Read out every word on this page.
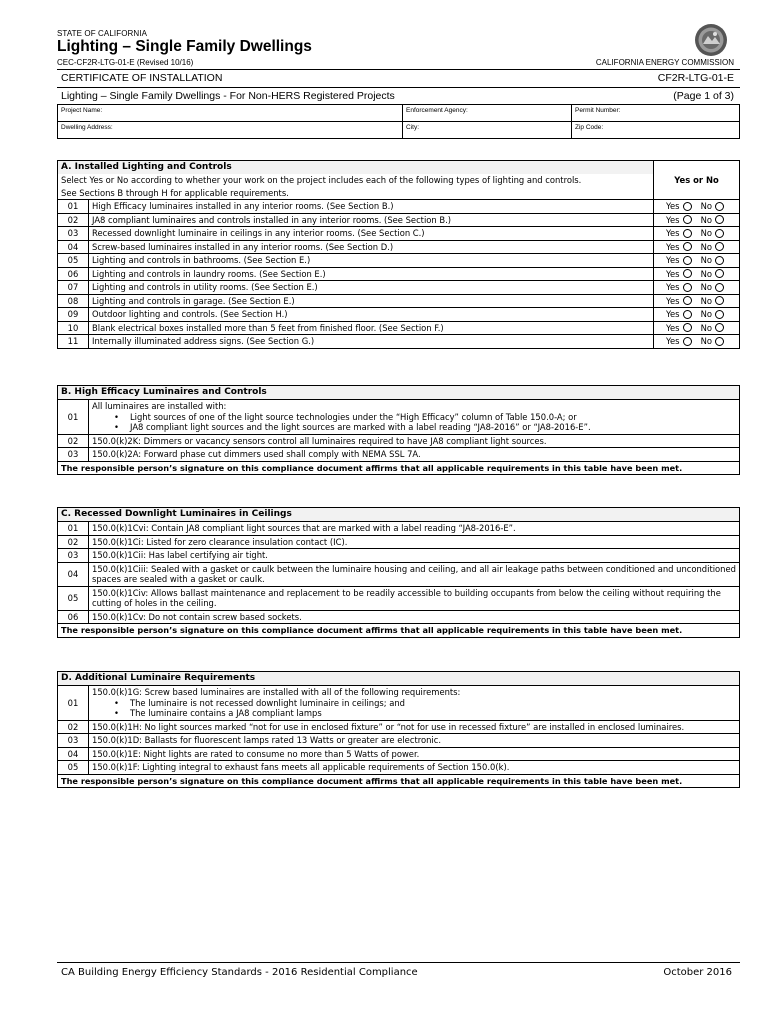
STATE OF CALIFORNIA
Lighting – Single Family Dwellings
CEC-CF2R-LTG-01-E (Revised 10/16)	CALIFORNIA ENERGY COMMISSION
CERTIFICATE OF INSTALLATION	CF2R-LTG-01-E
Lighting – Single Family Dwellings - For Non-HERS Registered Projects	(Page 1 of 3)
Project Name:	Enforcement Agency:	Permit Number:
Dwelling Address:	City:	Zip Code:
A. Installed Lighting and Controls		Yes or No
Select Yes or No according to whether your work on the project includes each of the following types of lighting and controls.		
See Sections B through H for applicable requirements.		
01	High Efficacy luminaires installed in any interior rooms. (See Section B.)	Yes No
02	JA8 compliant luminaires and controls installed in any interior rooms. (See Section B.)	Yes No
03	Recessed downlight luminaire in ceilings in any interior rooms. (See Section C.)	Yes No
04	Screw-based luminaires installed in any interior rooms. (See Section D.)	Yes No
05	Lighting and controls in bathrooms. (See Section E.)	Yes No
06	Lighting and controls in laundry rooms. (See Section E.)	Yes No
07	Lighting and controls in utility rooms. (See Section E.)	Yes No
08	Lighting and controls in garage. (See Section E.)	Yes No
09	Outdoor lighting and controls. (See Section H.)	Yes No
10	Blank electrical boxes installed more than 5 feet from finished floor. (See Section F.)	Yes No
11	Internally illuminated address signs. (See Section G.)	Yes No
B. High Efficacy Luminaires and Controls	
01	All luminaires are installed with:
• Light sources of one of the light source technologies under the “High Efficacy” column of Table 150.0-A; or
• JA8 compliant light sources and the light sources are marked with a label reading “JA8-2016” or “JA8-2016-E”.

02	150.0(k)2K: Dimmers or vacancy sensors control all luminaires required to have JA8 compliant light sources.
03	150.0(k)2A: Forward phase cut dimmers used shall comply with NEMA SSL 7A.
The responsible person’s signature on this compliance document affirms that all applicable requirements in this table have been met.	
C. Recessed Downlight Luminaires in Ceilings	
01	150.0(k)1Cvi: Contain JA8 compliant light sources that are marked with a label reading “JA8-2016-E”.
02	150.0(k)1Ci: Listed for zero clearance insulation contact (IC).
03	150.0(k)1Cii: Has label certifying air tight.
04	150.0(k)1Ciii: Sealed with a gasket or caulk between the luminaire housing and ceiling, and all air leakage paths between conditioned and unconditioned spaces are sealed with a gasket or caulk.
05	150.0(k)1Civ: Allows ballast maintenance and replacement to be readily accessible to building occupants from below the ceiling without requiring the cutting of holes in the ceiling.
06	150.0(k)1Cv: Do not contain screw based sockets.
The responsible person’s signature on this compliance document affirms that all applicable requirements in this table have been met.	
D. Additional Luminaire Requirements	
01	150.0(k)1G: Screw based luminaires are installed with all of the following requirements:
• The luminaire is not recessed downlight luminaire in ceilings; and
• The luminaire contains a JA8 compliant lamps

02	150.0(k)1H: No light sources marked “not for use in enclosed fixture” or “not for use in recessed fixture” are installed in enclosed luminaires.
03	150.0(k)1D: Ballasts for fluorescent lamps rated 13 Watts or greater are electronic.
04	150.0(k)1E: Night lights are rated to consume no more than 5 Watts of power.
05	150.0(k)1F: Lighting integral to exhaust fans meets all applicable requirements of Section 150.0(k).
The responsible person’s signature on this compliance document affirms that all applicable requirements in this table have been met.	
CA Building Energy Efficiency Standards - 2016 Residential Compliance	October 2016
